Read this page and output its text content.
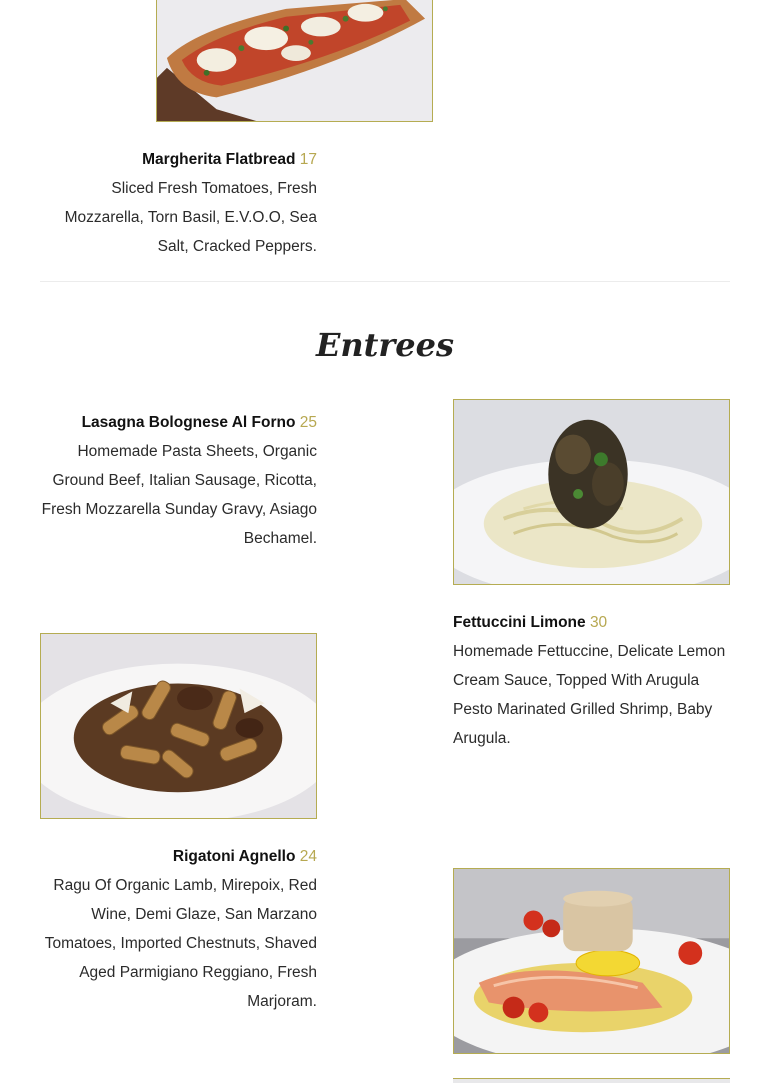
Margherita Flatbread 17
Sliced Fresh Tomatoes, Fresh Mozzarella, Torn Basil, E.V.O.O, Sea Salt, Cracked Peppers.
Entrees
Lasagna Bolognese Al Forno 25
Homemade Pasta Sheets, Organic Ground Beef, Italian Sausage, Ricotta, Fresh Mozzarella Sunday Gravy, Asiago Bechamel.
Fettuccini Limone 30
Homemade Fettuccine, Delicate Lemon Cream Sauce, Topped With Arugula Pesto Marinated Grilled Shrimp, Baby Arugula.
Rigatoni Agnello 24
Ragu Of Organic Lamb, Mirepoix, Red Wine, Demi Glaze, San Marzano Tomatoes, Imported Chestnuts, Shaved Aged Parmigiano Reggiano, Fresh Marjoram.
